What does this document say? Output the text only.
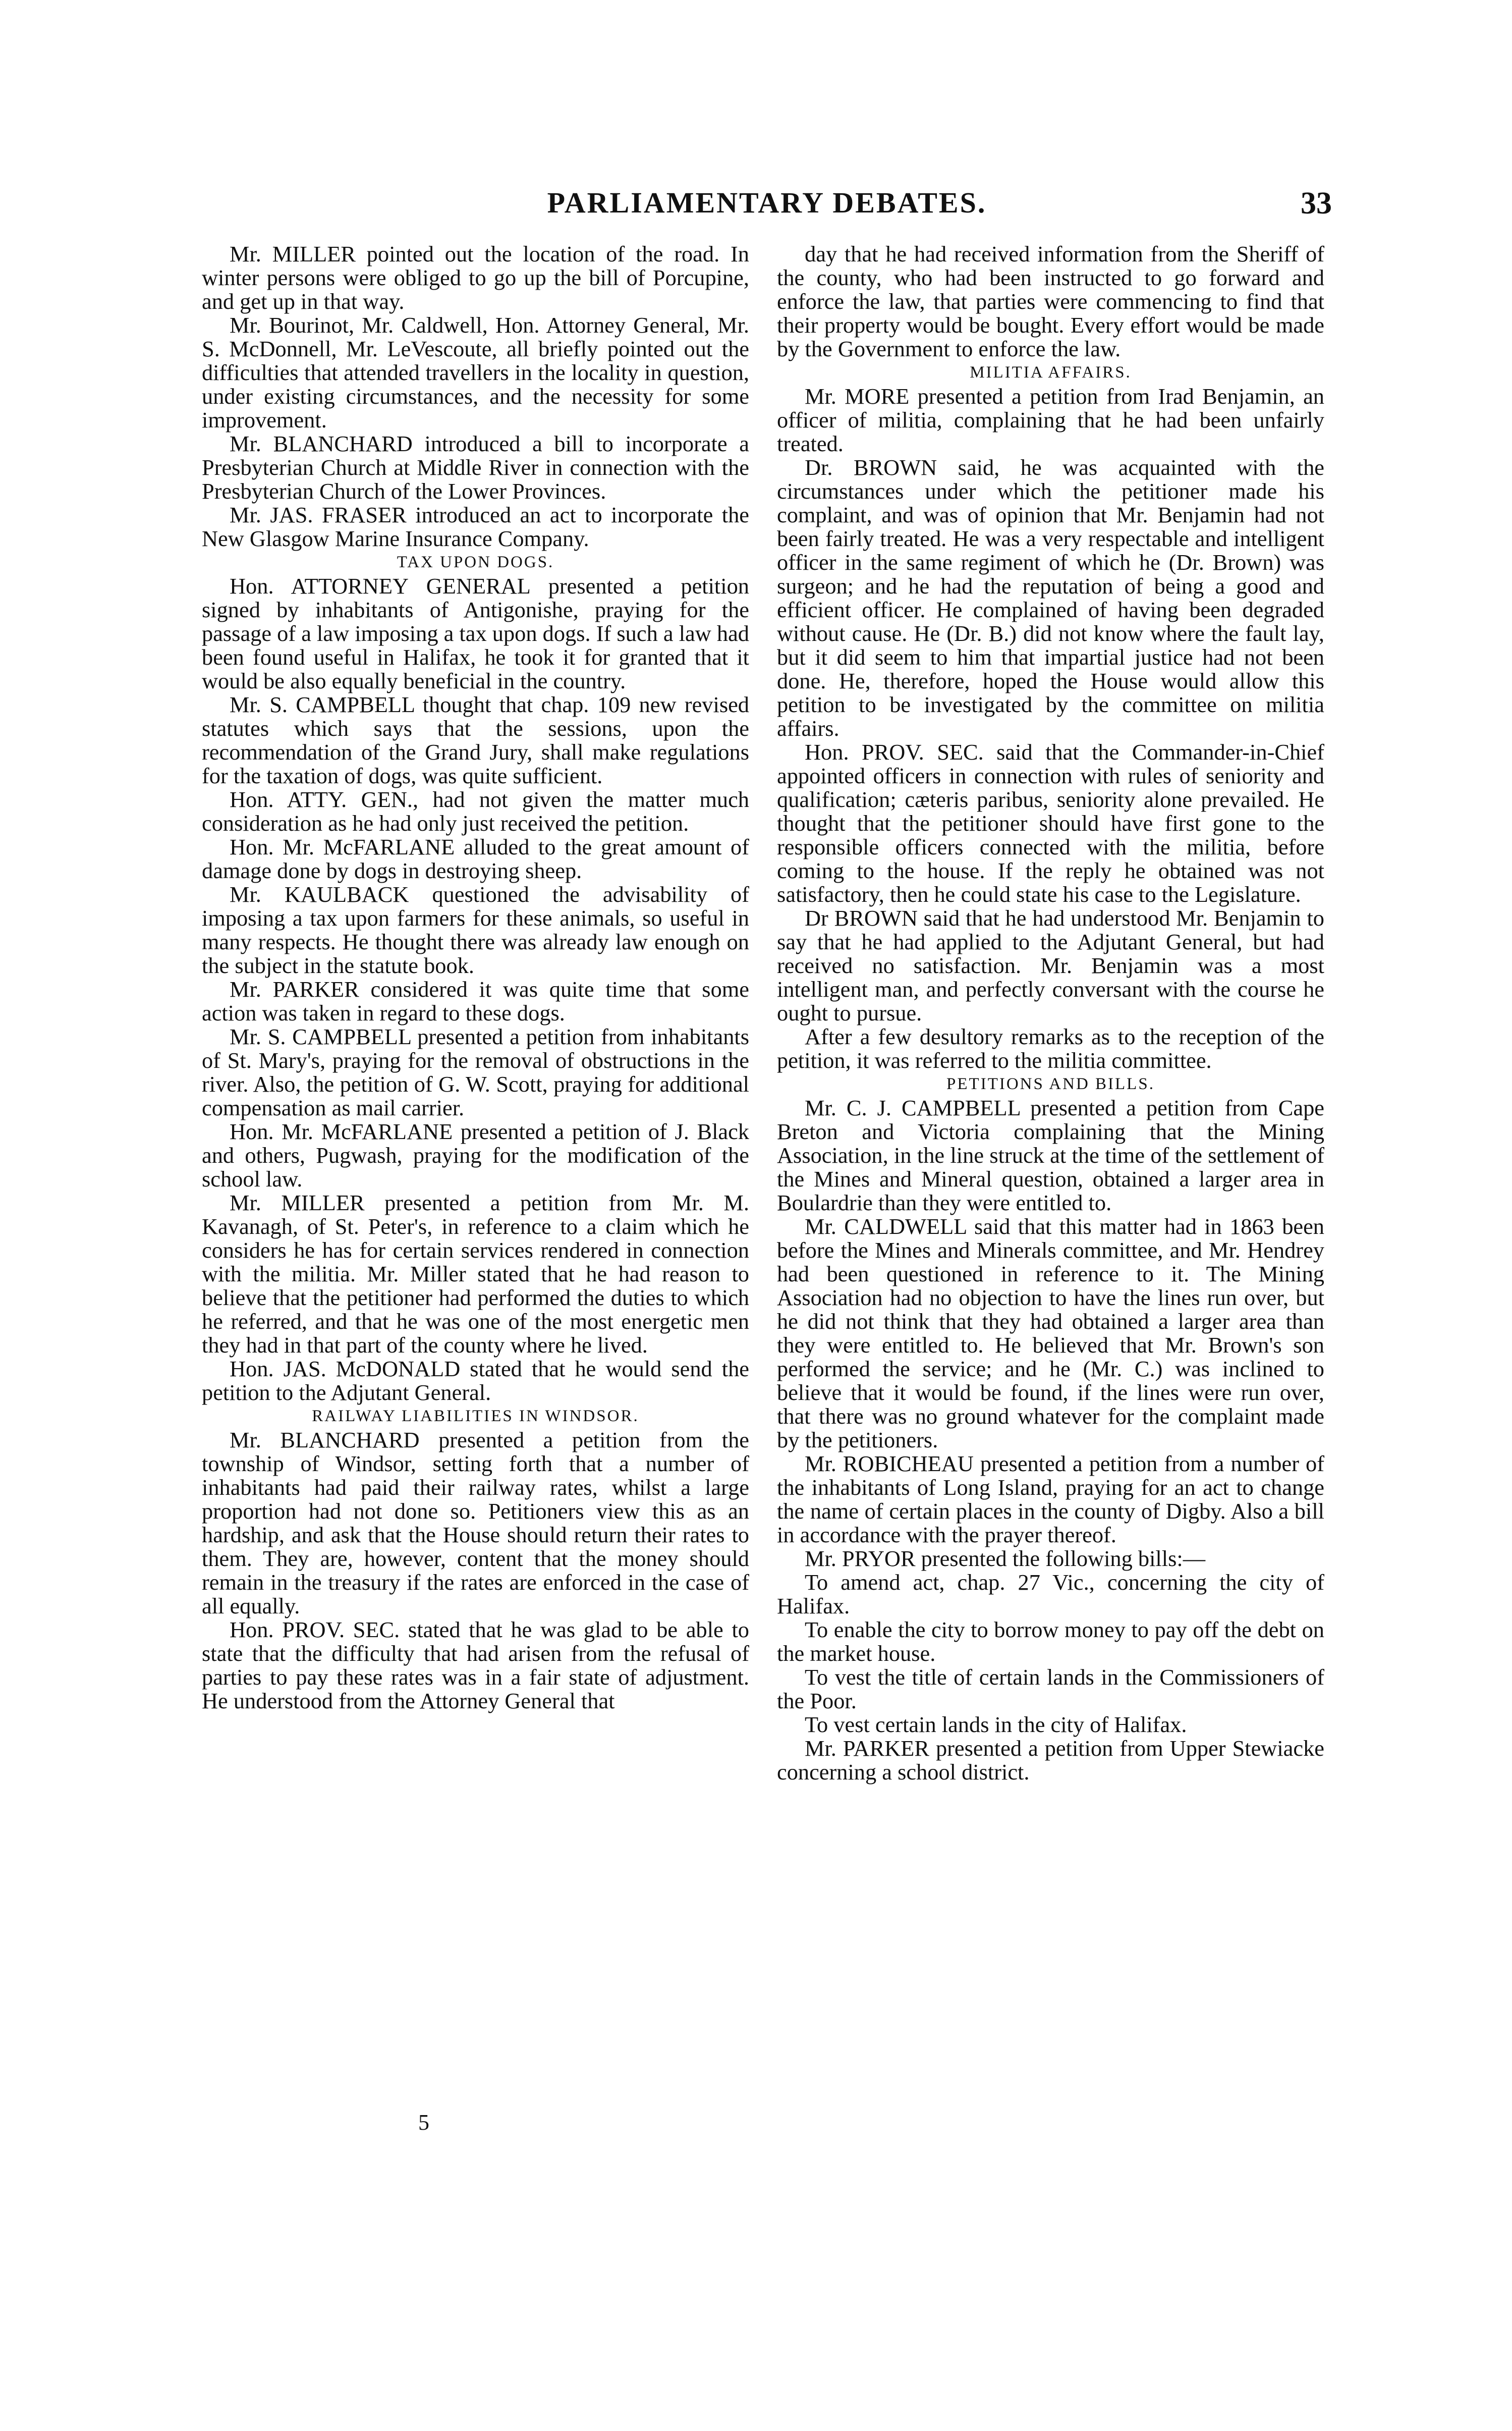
PARLIAMENTARY DEBATES.	33

Mr. MILLER pointed out the location of the road. In winter persons were obliged to go up the bill of Porcupine, and get up in that way.

Mr. Bourinot, Mr. Caldwell, Hon. Attorney General, Mr. S. McDonnell, Mr. LeVescoute, all briefly pointed out the difficulties that attended travellers in the locality in question, under existing circumstances, and the necessity for some improvement.

Mr. BLANCHARD introduced a bill to incorporate a Presbyterian Church at Middle River in connection with the Presbyterian Church of the Lower Provinces.

Mr. JAS. FRASER introduced an act to incorporate the New Glasgow Marine Insurance Company.

TAX UPON DOGS.

Hon. ATTORNEY GENERAL presented a petition signed by inhabitants of Antigonishe, praying for the passage of a law imposing a tax upon dogs. If such a law had been found useful in Halifax, he took it for granted that it would be also equally beneficial in the country.

Mr. S. CAMPBELL thought that chap. 109 new revised statutes which says that the sessions, upon the recommendation of the Grand Jury, shall make regulations for the taxation of dogs, was quite sufficient.

Hon. ATTY. GEN., had not given the matter much consideration as he had only just received the petition.

Hon. Mr. McFARLANE alluded to the great amount of damage done by dogs in destroying sheep.

Mr. KAULBACK questioned the advisability of imposing a tax upon farmers for these animals, so useful in many respects. He thought there was already law enough on the subject in the statute book.

Mr. PARKER considered it was quite time that some action was taken in regard to these dogs.

Mr. S. CAMPBELL presented a petition from inhabitants of St. Mary's, praying for the removal of obstructions in the river. Also, the petition of G. W. Scott, praying for additional compensation as mail carrier.

Hon. Mr. McFARLANE presented a petition of J. Black and others, Pugwash, praying for the modification of the school law.

Mr. MILLER presented a petition from Mr. M. Kavanagh, of St. Peter's, in reference to a claim which he considers he has for certain services rendered in connection with the militia. Mr. Miller stated that he had reason to believe that the petitioner had performed the duties to which he referred, and that he was one of the most energetic men they had in that part of the county where he lived.

Hon. JAS. McDONALD stated that he would send the petition to the Adjutant General.

RAILWAY LIABILITIES IN WINDSOR.

Mr. BLANCHARD presented a petition from the township of Windsor, setting forth that a number of inhabitants had paid their railway rates, whilst a large proportion had not done so. Petitioners view this as an hardship, and ask that the House should return their rates to them. They are, however, content that the money should remain in the treasury if the rates are enforced in the case of all equally.

Hon. PROV. SEC. stated that he was glad to be able to state that the difficulty that had arisen from the refusal of parties to pay these rates was in a fair state of adjustment. He understood from the Attorney General that

day that he had received information from the Sheriff of the county, who had been instructed to go forward and enforce the law, that parties were commencing to find that their property would be bought. Every effort would be made by the Government to enforce the law.

MILITIA AFFAIRS.

Mr. MORE presented a petition from Irad Benjamin, an officer of militia, complaining that he had been unfairly treated.

Dr. BROWN said, he was acquainted with the circumstances under which the petitioner made his complaint, and was of opinion that Mr. Benjamin had not been fairly treated. He was a very respectable and intelligent officer in the same regiment of which he (Dr. Brown) was surgeon; and he had the reputation of being a good and efficient officer. He complained of having been degraded without cause. He (Dr. B.) did not know where the fault lay, but it did seem to him that impartial justice had not been done. He, therefore, hoped the House would allow this petition to be investigated by the committee on militia affairs.

Hon. PROV. SEC. said that the Commander-in-Chief appointed officers in connection with rules of seniority and qualification; cæteris paribus, seniority alone prevailed. He thought that the petitioner should have first gone to the responsible officers connected with the militia, before coming to the house. If the reply he obtained was not satisfactory, then he could state his case to the Legislature.

Dr BROWN said that he had understood Mr. Benjamin to say that he had applied to the Adjutant General, but had received no satisfaction. Mr. Benjamin was a most intelligent man, and perfectly conversant with the course he ought to pursue.

After a few desultory remarks as to the reception of the petition, it was referred to the militia committee.

PETITIONS AND BILLS.

Mr. C. J. CAMPBELL presented a petition from Cape Breton and Victoria complaining that the Mining Association, in the line struck at the time of the settlement of the Mines and Mineral question, obtained a larger area in Boulardrie than they were entitled to.

Mr. CALDWELL said that this matter had in 1863 been before the Mines and Minerals committee, and Mr. Hendrey had been questioned in reference to it. The Mining Association had no objection to have the lines run over, but he did not think that they had obtained a larger area than they were entitled to. He believed that Mr. Brown's son performed the service; and he (Mr. C.) was inclined to believe that it would be found, if the lines were run over, that there was no ground whatever for the complaint made by the petitioners.

Mr. ROBICHEAU presented a petition from a number of the inhabitants of Long Island, praying for an act to change the name of certain places in the county of Digby. Also a bill in accordance with the prayer thereof.

Mr. PRYOR presented the following bills:—

To amend act, chap. 27 Vic., concerning the city of Halifax.

To enable the city to borrow money to pay off the debt on the market house.

To vest the title of certain lands in the Commissioners of the Poor.

To vest certain lands in the city of Halifax.

Mr. PARKER presented a petition from Upper Stewiacke concerning a school district.

5
